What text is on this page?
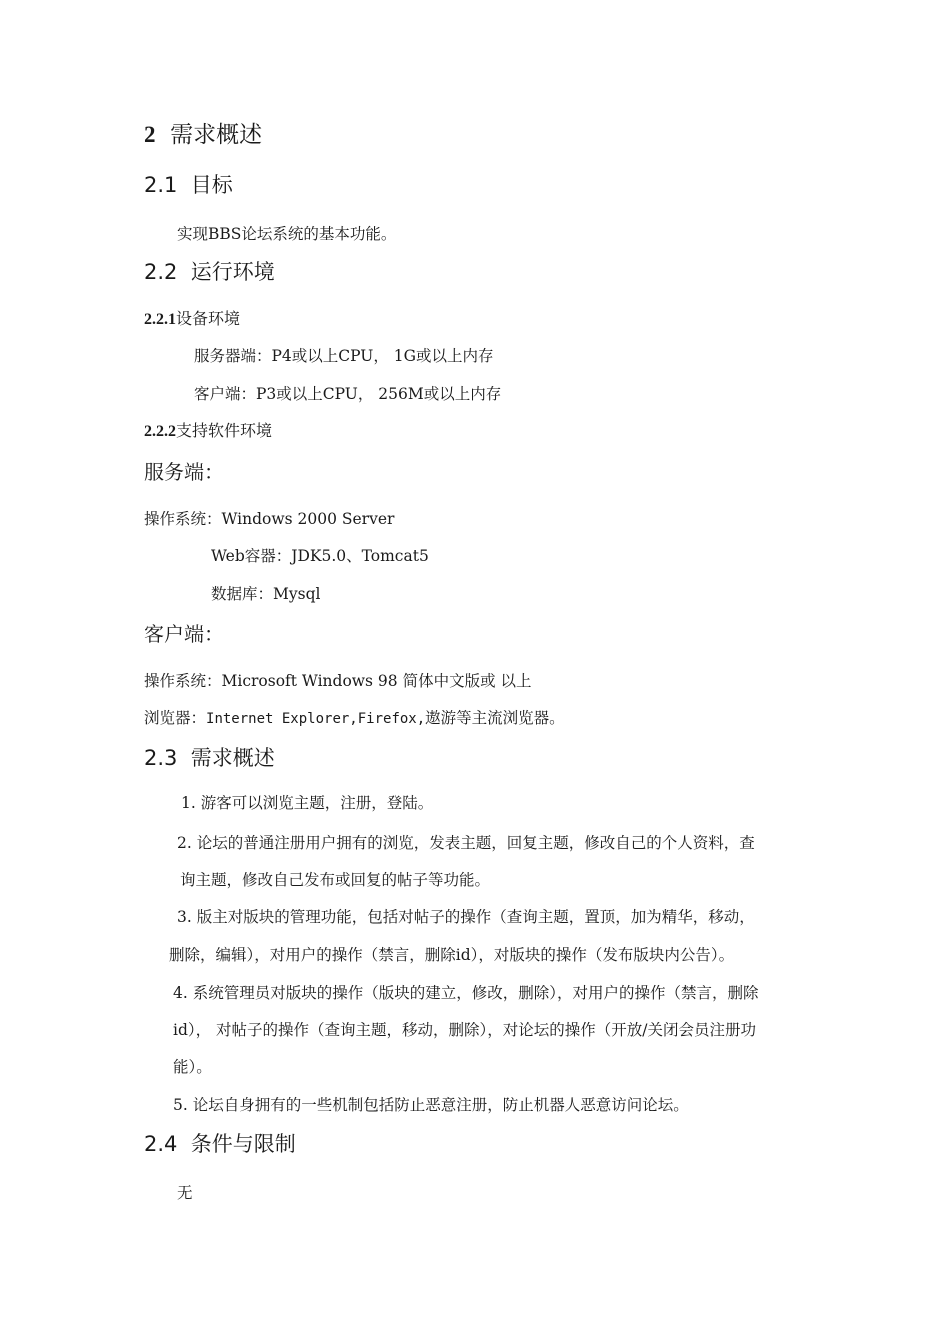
2 需求概述
2.1 目标
实现BBS论坛系统的基本功能。
2.2 运行环境
2.2.1设备环境
服务器端：P4或以上CPU， 1G或以上内存
客户端：P3或以上CPU， 256M或以上内存
2.2.2支持软件环境
服务端：
操作系统：Windows 2000 Server
Web容器：JDK5.0、Tomcat5
数据库：Mysql
客户端：
操作系统：Microsoft Windows 98 简体中文版或 以上
浏览器：Internet Explorer,Firefox,遨游等主流浏览器。
2.3 需求概述
1. 游客可以浏览主题，注册，登陆。
2. 论坛的普通注册用户拥有的浏览，发表主题，回复主题，修改自己的个人资料，查
询主题，修改自己发布或回复的帖子等功能。
3. 版主对版块的管理功能，包括对帖子的操作（查询主题，置顶，加为精华，移动，
删除，编辑），对用户的操作（禁言，删除id），对版块的操作（发布版块内公告）。
4. 系统管理员对版块的操作（版块的建立，修改，删除），对用户的操作（禁言，删除
id）， 对帖子的操作（查询主题，移动，删除），对论坛的操作（开放/关闭会员注册功
能）。
5. 论坛自身拥有的一些机制包括防止恶意注册，防止机器人恶意访问论坛。
2.4 条件与限制
无
